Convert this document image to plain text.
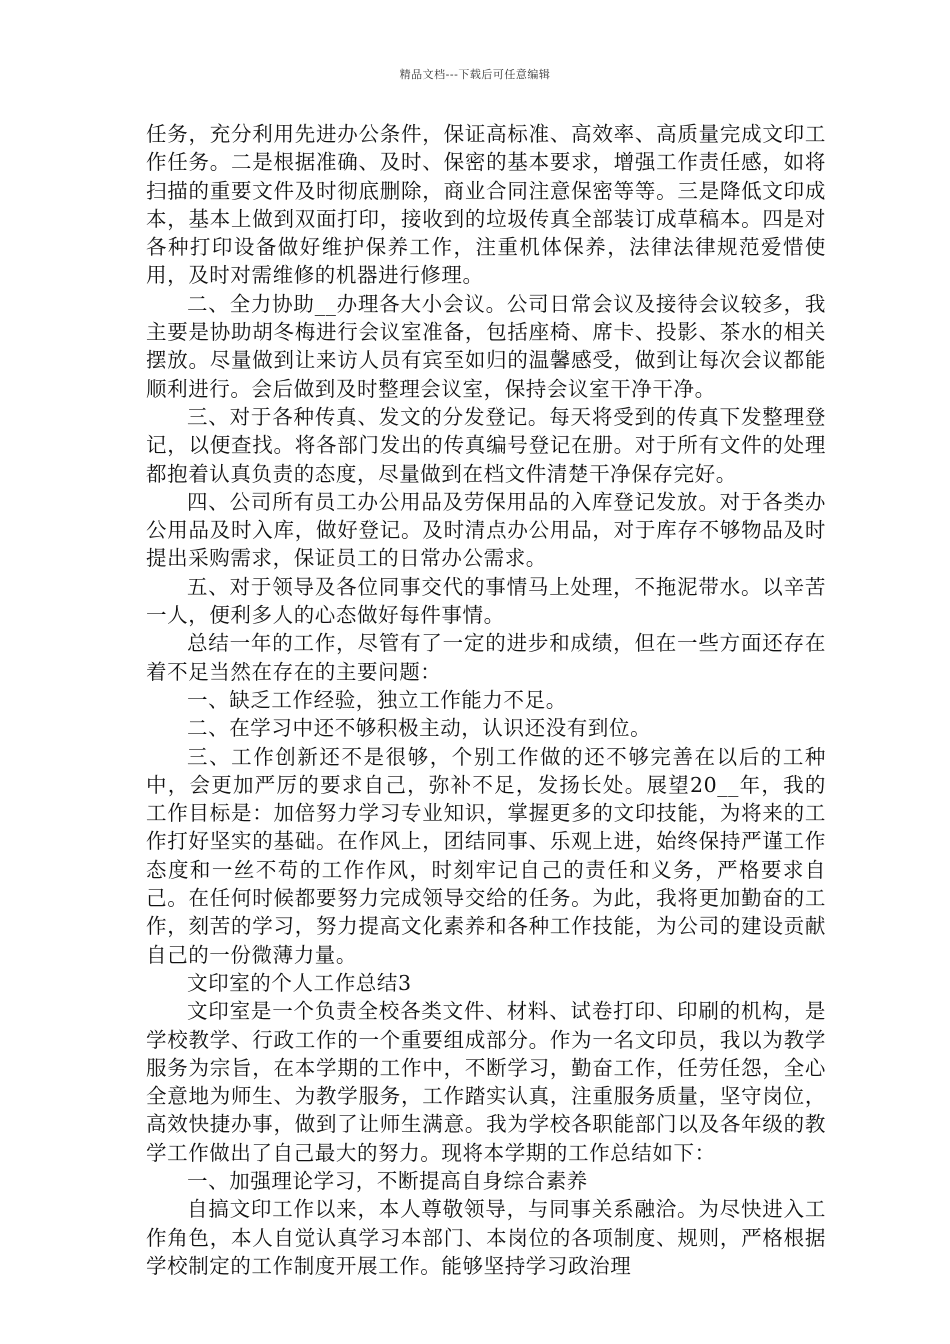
精品文档---下载后可任意编辑

任务，充分利用先进办公条件，保证高标准、高效率、高质量完成文印工作任务。二是根据准确、及时、保密的基本要求，增强工作责任感，如将扫描的重要文件及时彻底删除，商业合同注意保密等等。三是降低文印成本，基本上做到双面打印，接收到的垃圾传真全部装订成草稿本。四是对各种打印设备做好维护保养工作，注重机体保养，法律法律规范爱惜使用，及时对需维修的机器进行修理。

二、全力协助__办理各大小会议。公司日常会议及接待会议较多，我主要是协助胡冬梅进行会议室准备，包括座椅、席卡、投影、茶水的相关摆放。尽量做到让来访人员有宾至如归的温馨感受，做到让每次会议都能顺利进行。会后做到及时整理会议室，保持会议室干净干净。

三、对于各种传真、发文的分发登记。每天将受到的传真下发整理登记，以便查找。将各部门发出的传真编号登记在册。对于所有文件的处理都抱着认真负责的态度，尽量做到在档文件清楚干净保存完好。

四、公司所有员工办公用品及劳保用品的入库登记发放。对于各类办公用品及时入库，做好登记。及时清点办公用品，对于库存不够物品及时提出采购需求，保证员工的日常办公需求。

五、对于领导及各位同事交代的事情马上处理，不拖泥带水。以辛苦一人，便利多人的心态做好每件事情。

总结一年的工作，尽管有了一定的进步和成绩，但在一些方面还存在着不足当然在存在的主要问题：

一、缺乏工作经验，独立工作能力不足。

二、在学习中还不够积极主动，认识还没有到位。

三、工作创新还不是很够，个别工作做的还不够完善在以后的工种中，会更加严厉的要求自己，弥补不足，发扬长处。展望20__年，我的工作目标是：加倍努力学习专业知识，掌握更多的文印技能，为将来的工作打好坚实的基础。在作风上，团结同事、乐观上进，始终保持严谨工作态度和一丝不苟的工作作风，时刻牢记自己的责任和义务，严格要求自己。在任何时候都要努力完成领导交给的任务。为此，我将更加勤奋的工作，刻苦的学习，努力提高文化素养和各种工作技能，为公司的建设贡献自己的一份微薄力量。

文印室的个人工作总结3

文印室是一个负责全校各类文件、材料、试卷打印、印刷的机构，是学校教学、行政工作的一个重要组成部分。作为一名文印员，我以为教学服务为宗旨，在本学期的工作中，不断学习，勤奋工作，任劳任怨，全心全意地为师生、为教学服务，工作踏实认真，注重服务质量，坚守岗位，高效快捷办事，做到了让师生满意。我为学校各职能部门以及各年级的教学工作做出了自己最大的努力。现将本学期的工作总结如下：

一、加强理论学习，不断提高自身综合素养

自搞文印工作以来，本人尊敬领导，与同事关系融洽。为尽快进入工作角色，本人自觉认真学习本部门、本岗位的各项制度、规则，严格根据学校制定的工作制度开展工作。能够坚持学习政治理
